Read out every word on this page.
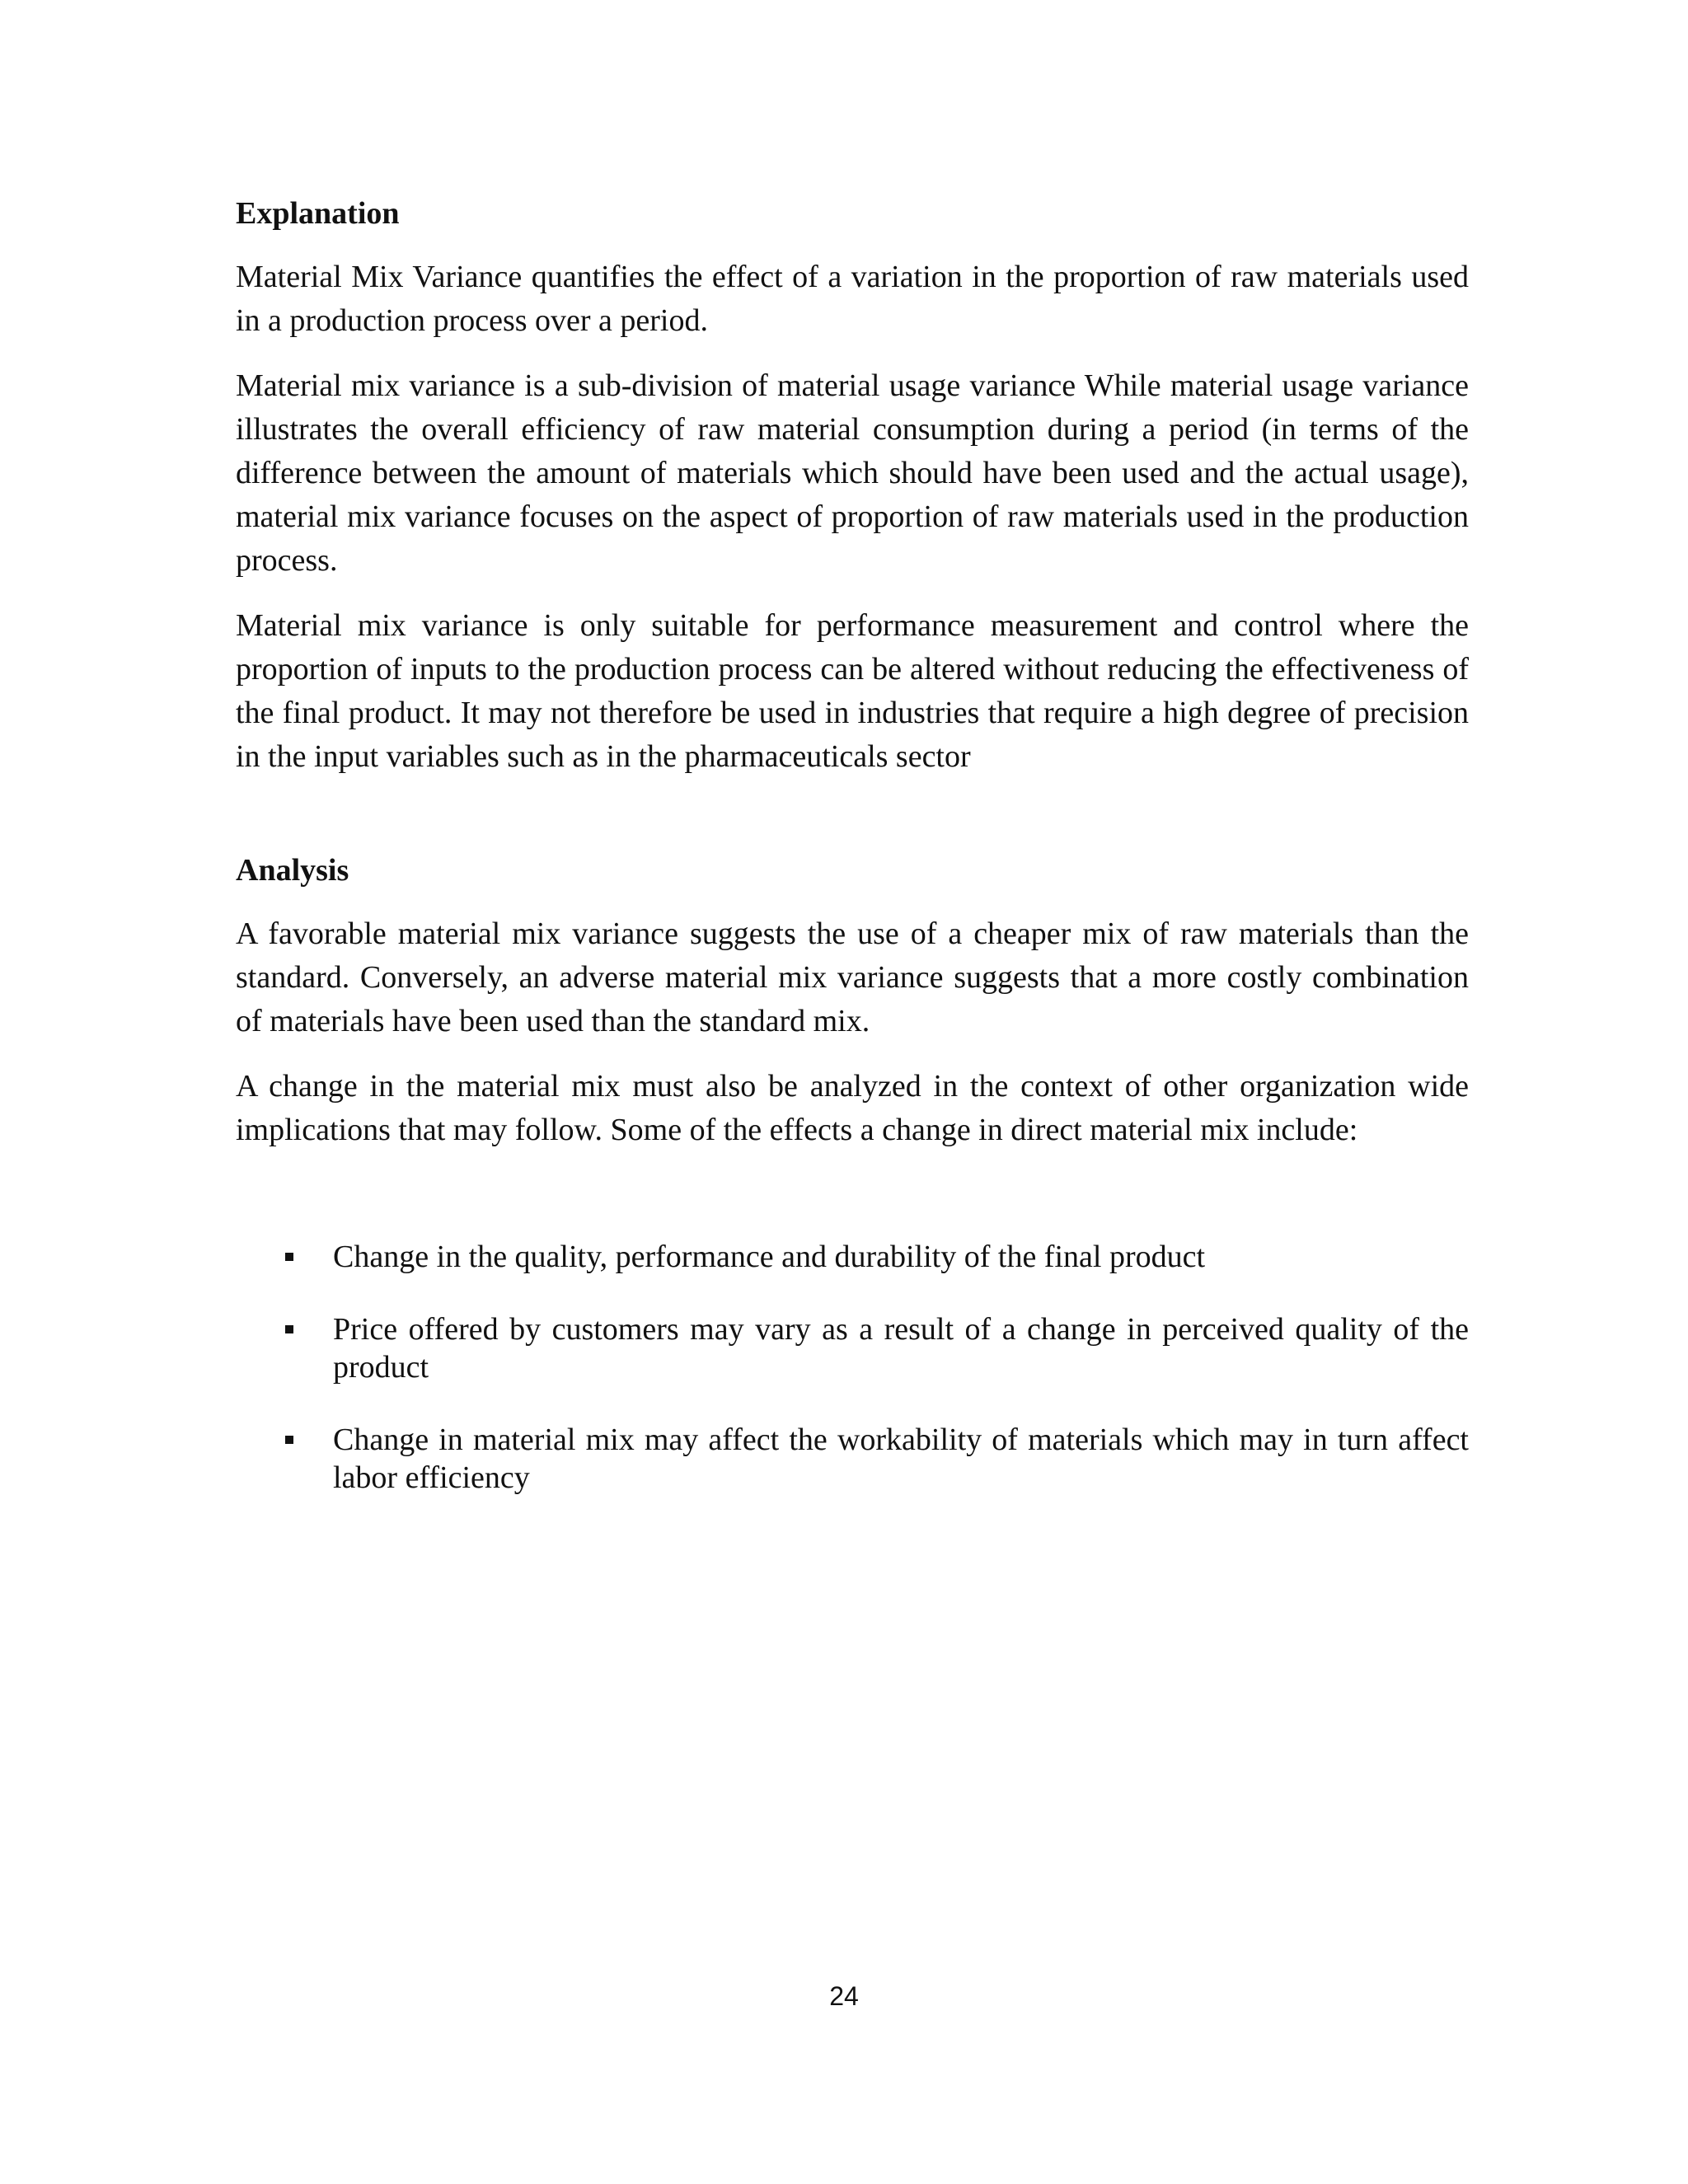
Explanation

Material Mix Variance quantifies the effect of a variation in the proportion of raw materials used in a production process over a period.

Material mix variance is a sub-division of material usage variance While material usage variance illustrates the overall efficiency of raw material consumption during a period (in terms of the difference between the amount of materials which should have been used and the actual usage), material mix variance focuses on the aspect of proportion of raw materials used in the production process.

Material mix variance is only suitable for performance measurement and control where the proportion of inputs to the production process can be altered without reducing the effectiveness of the final product. It may not therefore be used in industries that require a high degree of precision in the input variables such as in the pharmaceuticals sector

Analysis

A favorable material mix variance suggests the use of a cheaper mix of raw materials than the standard. Conversely, an adverse material mix variance suggests that a more costly combination of materials have been used than the standard mix.

A change in the material mix must also be analyzed in the context of other organization wide implications that may follow. Some of the effects a change in direct material mix include:

Change in the quality, performance and durability of the final product
Price offered by customers may vary as a result of a change in perceived quality of the product
Change in material mix may affect the workability of materials which may in turn affect labor efficiency
24
